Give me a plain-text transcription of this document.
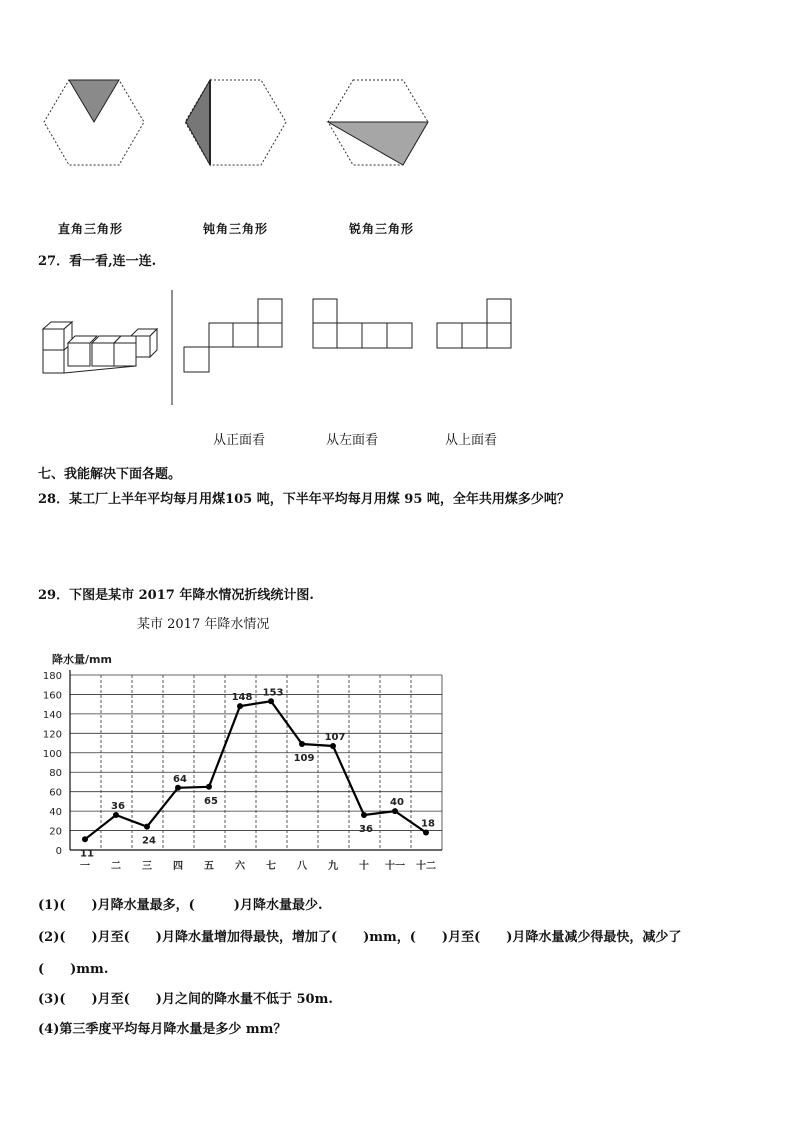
直角三角形	钝角三角形	锐角三角形
27．看一看,连一连.
从正面看	从左面看	从上面看
七、我能解决下面各题。
28．某工厂上半年平均每月用煤105 吨，下半年平均每月用煤 95 吨，全年共用煤多少吨？
29．下图是某市 2017 年降水情况折线统计图.
某市 2017 年降水情况
降水量/mm
0
20
40
60
80
100
120
140
160
180
一 二 三 四 五 六 七 八 九 十 十一 十二
11
36
24
64
65
148 153
109
107
36
40
18
(1)(　　)月降水量最多，(　　　)月降水量最少.
(2)(　　)月至(　　)月降水量增加得最快，增加了(　　)mm，(　　)月至(　　)月降水量减少得最快，减少了
(　　)mm.
(3)(　　)月至(　　)月之间的降水量不低于 50m.
(4)第三季度平均每月降水量是多少 mm？
